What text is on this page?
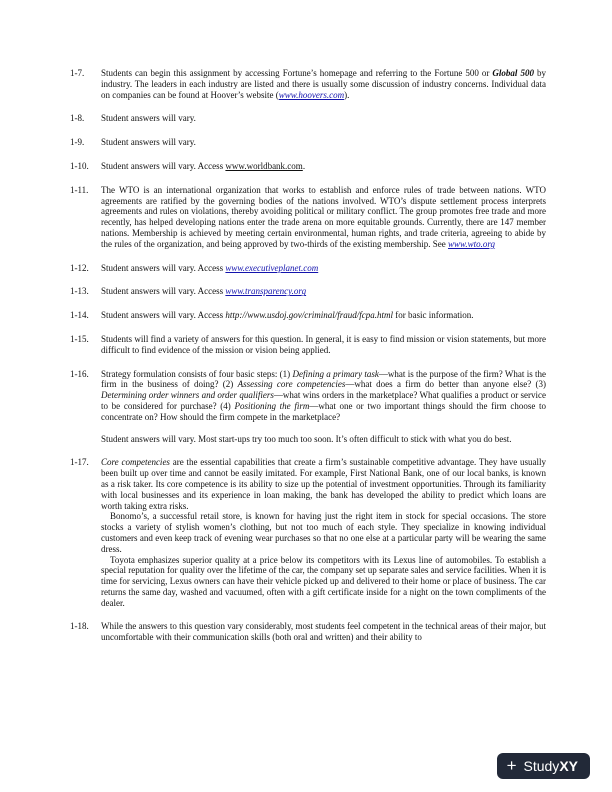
1-7.	Students can begin this assignment by accessing Fortune’s homepage and referring to the Fortune 500 or Global 500 by industry. The leaders in each industry are listed and there is usually some discussion of industry concerns. Individual data on companies can be found at Hoover’s website (www.hoovers.com).

1-8.	Student answers will vary.

1-9.	Student answers will vary.

1-10.	Student answers will vary. Access www.worldbank.com.

1-11.	The WTO is an international organization that works to establish and enforce rules of trade between nations. WTO agreements are ratified by the governing bodies of the nations involved. WTO’s dispute settlement process interprets agreements and rules on violations, thereby avoiding political or military conflict. The group promotes free trade and more recently, has helped developing nations enter the trade arena on more equitable grounds. Currently, there are 147 member nations. Membership is achieved by meeting certain environmental, human rights, and trade criteria, agreeing to abide by the rules of the organization, and being approved by two-thirds of the existing membership. See www.wto.org

1-12.	Student answers will vary. Access www.executiveplanet.com

1-13.	Student answers will vary. Access www.transparency.org

1-14.	Student answers will vary. Access http://www.usdoj.gov/criminal/fraud/fcpa.html for basic information.

1-15.	Students will find a variety of answers for this question. In general, it is easy to find mission or vision statements, but more difficult to find evidence of the mission or vision being applied.

1-16.	Strategy formulation consists of four basic steps: (1) Defining a primary task—what is the purpose of the firm? What is the firm in the business of doing? (2) Assessing core competencies—what does a firm do better than anyone else? (3) Determining order winners and order qualifiers—what wins orders in the marketplace? What qualifies a product or service to be considered for purchase? (4) Positioning the firm—what one or two important things should the firm choose to concentrate on? How should the firm compete in the marketplace?

Student answers will vary. Most start-ups try too much too soon. It’s often difficult to stick with what you do best.

1-17.	Core competencies are the essential capabilities that create a firm’s sustainable competitive advantage. They have usually been built up over time and cannot be easily imitated. For example, First National Bank, one of our local banks, is known as a risk taker. Its core competence is its ability to size up the potential of investment opportunities. Through its familiarity with local businesses and its experience in loan making, the bank has developed the ability to predict which loans are worth taking extra risks.

Bonomo’s, a successful retail store, is known for having just the right item in stock for special occasions. The store stocks a variety of stylish women’s clothing, but not too much of each style. They specialize in knowing individual customers and even keep track of evening wear purchases so that no one else at a particular party will be wearing the same dress.

Toyota emphasizes superior quality at a price below its competitors with its Lexus line of automobiles. To establish a special reputation for quality over the lifetime of the car, the company set up separate sales and service facilities. When it is time for servicing, Lexus owners can have their vehicle picked up and delivered to their home or place of business. The car returns the same day, washed and vacuumed, often with a gift certificate inside for a night on the town compliments of the dealer.

1-18.	While the answers to this question vary considerably, most students feel competent in the technical areas of their major, but uncomfortable with their communication skills (both oral and written) and their ability to

+ StudyXY
